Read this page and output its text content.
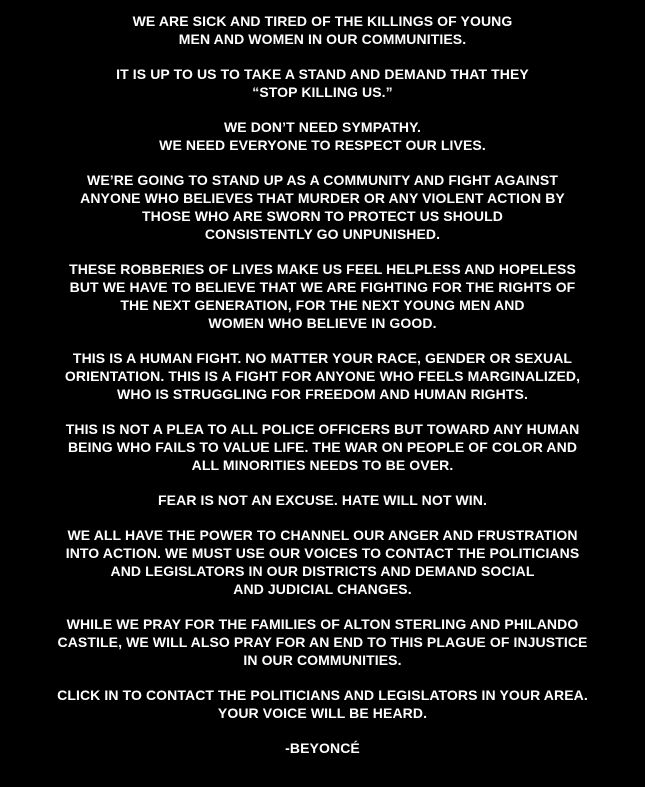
WE ARE SICK AND TIRED OF THE KILLINGS OF YOUNG
MEN AND WOMEN IN OUR COMMUNITIES.

IT IS UP TO US TO TAKE A STAND AND DEMAND THAT THEY
“STOP KILLING US.”

WE DON’T NEED SYMPATHY.
WE NEED EVERYONE TO RESPECT OUR LIVES.

WE’RE GOING TO STAND UP AS A COMMUNITY AND FIGHT AGAINST
ANYONE WHO BELIEVES THAT MURDER OR ANY VIOLENT ACTION BY
THOSE WHO ARE SWORN TO PROTECT US SHOULD
CONSISTENTLY GO UNPUNISHED.

THESE ROBBERIES OF LIVES MAKE US FEEL HELPLESS AND HOPELESS
BUT WE HAVE TO BELIEVE THAT WE ARE FIGHTING FOR THE RIGHTS OF
THE NEXT GENERATION, FOR THE NEXT YOUNG MEN AND
WOMEN WHO BELIEVE IN GOOD.

THIS IS A HUMAN FIGHT. NO MATTER YOUR RACE, GENDER OR SEXUAL
ORIENTATION. THIS IS A FIGHT FOR ANYONE WHO FEELS MARGINALIZED,
WHO IS STRUGGLING FOR FREEDOM AND HUMAN RIGHTS.

THIS IS NOT A PLEA TO ALL POLICE OFFICERS BUT TOWARD ANY HUMAN
BEING WHO FAILS TO VALUE LIFE. THE WAR ON PEOPLE OF COLOR AND
ALL MINORITIES NEEDS TO BE OVER.

FEAR IS NOT AN EXCUSE. HATE WILL NOT WIN.

WE ALL HAVE THE POWER TO CHANNEL OUR ANGER AND FRUSTRATION
INTO ACTION. WE MUST USE OUR VOICES TO CONTACT THE POLITICIANS
AND LEGISLATORS IN OUR DISTRICTS AND DEMAND SOCIAL
AND JUDICIAL CHANGES.

WHILE WE PRAY FOR THE FAMILIES OF ALTON STERLING AND PHILANDO
CASTILE, WE WILL ALSO PRAY FOR AN END TO THIS PLAGUE OF INJUSTICE
IN OUR COMMUNITIES.

CLICK IN TO CONTACT THE POLITICIANS AND LEGISLATORS IN YOUR AREA.
YOUR VOICE WILL BE HEARD.

-BEYONCÉ
